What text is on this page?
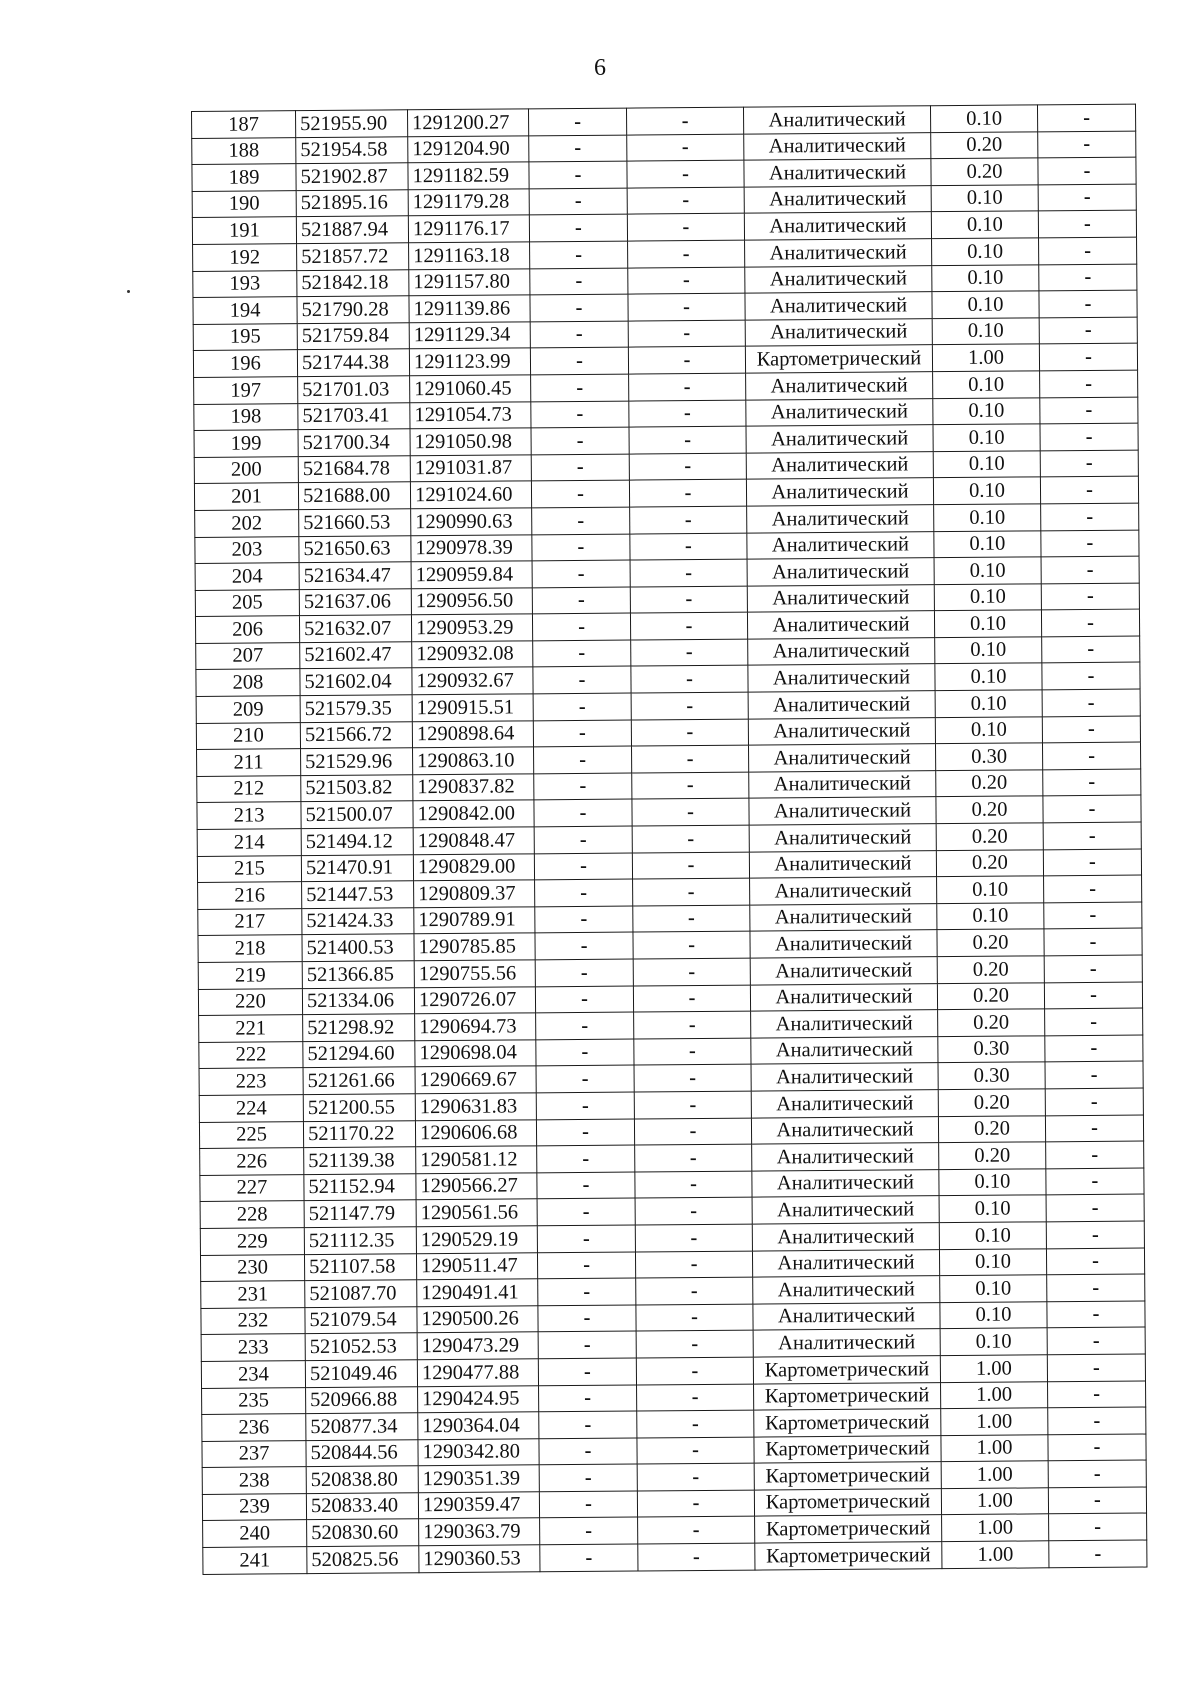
6
187	521955.90	1291200.27	-	-	Аналитический	0.10	-
188	521954.58	1291204.90	-	-	Аналитический	0.20	-
189	521902.87	1291182.59	-	-	Аналитический	0.20	-
190	521895.16	1291179.28	-	-	Аналитический	0.10	-
191	521887.94	1291176.17	-	-	Аналитический	0.10	-
192	521857.72	1291163.18	-	-	Аналитический	0.10	-
193	521842.18	1291157.80	-	-	Аналитический	0.10	-
194	521790.28	1291139.86	-	-	Аналитический	0.10	-
195	521759.84	1291129.34	-	-	Аналитический	0.10	-
196	521744.38	1291123.99	-	-	Картометрический	1.00	-
197	521701.03	1291060.45	-	-	Аналитический	0.10	-
198	521703.41	1291054.73	-	-	Аналитический	0.10	-
199	521700.34	1291050.98	-	-	Аналитический	0.10	-
200	521684.78	1291031.87	-	-	Аналитический	0.10	-
201	521688.00	1291024.60	-	-	Аналитический	0.10	-
202	521660.53	1290990.63	-	-	Аналитический	0.10	-
203	521650.63	1290978.39	-	-	Аналитический	0.10	-
204	521634.47	1290959.84	-	-	Аналитический	0.10	-
205	521637.06	1290956.50	-	-	Аналитический	0.10	-
206	521632.07	1290953.29	-	-	Аналитический	0.10	-
207	521602.47	1290932.08	-	-	Аналитический	0.10	-
208	521602.04	1290932.67	-	-	Аналитический	0.10	-
209	521579.35	1290915.51	-	-	Аналитический	0.10	-
210	521566.72	1290898.64	-	-	Аналитический	0.10	-
211	521529.96	1290863.10	-	-	Аналитический	0.30	-
212	521503.82	1290837.82	-	-	Аналитический	0.20	-
213	521500.07	1290842.00	-	-	Аналитический	0.20	-
214	521494.12	1290848.47	-	-	Аналитический	0.20	-
215	521470.91	1290829.00	-	-	Аналитический	0.20	-
216	521447.53	1290809.37	-	-	Аналитический	0.10	-
217	521424.33	1290789.91	-	-	Аналитический	0.10	-
218	521400.53	1290785.85	-	-	Аналитический	0.20	-
219	521366.85	1290755.56	-	-	Аналитический	0.20	-
220	521334.06	1290726.07	-	-	Аналитический	0.20	-
221	521298.92	1290694.73	-	-	Аналитический	0.20	-
222	521294.60	1290698.04	-	-	Аналитический	0.30	-
223	521261.66	1290669.67	-	-	Аналитический	0.30	-
224	521200.55	1290631.83	-	-	Аналитический	0.20	-
225	521170.22	1290606.68	-	-	Аналитический	0.20	-
226	521139.38	1290581.12	-	-	Аналитический	0.20	-
227	521152.94	1290566.27	-	-	Аналитический	0.10	-
228	521147.79	1290561.56	-	-	Аналитический	0.10	-
229	521112.35	1290529.19	-	-	Аналитический	0.10	-
230	521107.58	1290511.47	-	-	Аналитический	0.10	-
231	521087.70	1290491.41	-	-	Аналитический	0.10	-
232	521079.54	1290500.26	-	-	Аналитический	0.10	-
233	521052.53	1290473.29	-	-	Аналитический	0.10	-
234	521049.46	1290477.88	-	-	Картометрический	1.00	-
235	520966.88	1290424.95	-	-	Картометрический	1.00	-
236	520877.34	1290364.04	-	-	Картометрический	1.00	-
237	520844.56	1290342.80	-	-	Картометрический	1.00	-
238	520838.80	1290351.39	-	-	Картометрический	1.00	-
239	520833.40	1290359.47	-	-	Картометрический	1.00	-
240	520830.60	1290363.79	-	-	Картометрический	1.00	-
241	520825.56	1290360.53	-	-	Картометрический	1.00	-
